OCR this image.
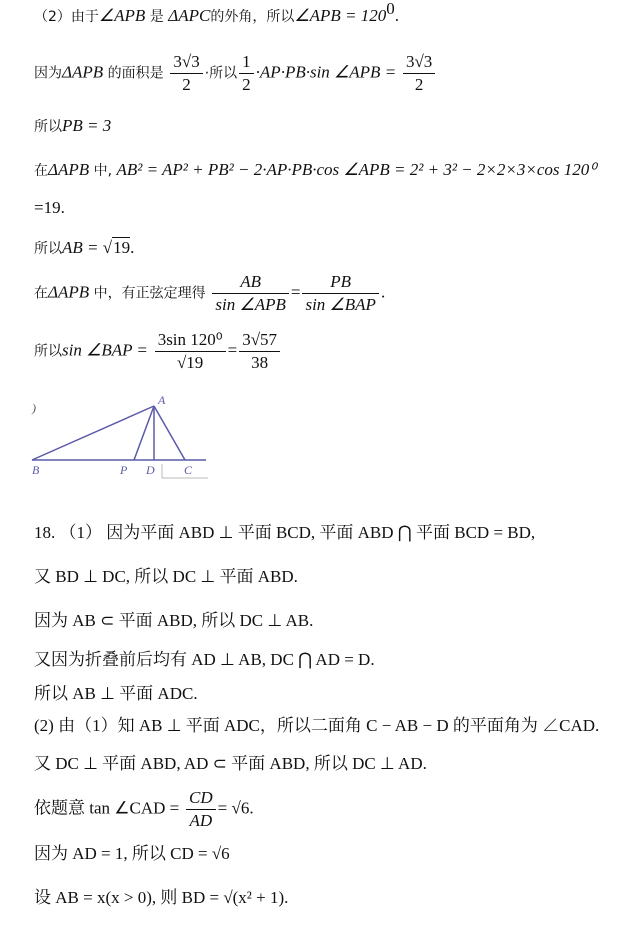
（2）由于∠APB 是 ΔAPC的外角，所以∠APB = $120^0$.
因为ΔAPB 的面积是 $\frac{3√3}{2}$ ·所以 $\frac{1}{2} \cdot AP\cdot PB\cdot\sin$ ∠APB = $\frac{3√3}{2}$
所以PB = 3
在ΔAPB 中, AB² = AP² + PB² − 2·AP·PB·cos ∠APB = 2² + 3² − 2×2×3×cos 120⁰
=19.
所以AB = √19.
在ΔAPB 中，有正弦定理得 $\frac{AB}{\text{sin ∠APB}} = \frac{PB}{\text{sin ∠BAP}}$ .
所以sin ∠BAP = $\frac{\text{3sin 120⁰}}{√19} = \frac{3√57}{38}$
)
A
B	P D C
18. （1） 因为平面 ABD ⊥ 平面 BCD, 平面 ABD ⋂ 平面 BCD = BD,
又 BD ⊥ DC, 所以 DC ⊥ 平面 ABD.
因为 AB ⊂ 平面 ABD, 所以 DC ⊥ AB.
又因为折叠前后均有 AD ⊥ AB, DC ⋂ AD = D.
所以 AB ⊥ 平面 ADC.
(2) 由（1）知 AB ⊥ 平面 ADC，所以二面角 C − AB − D 的平面角为 ∠CAD.
又 DC ⊥ 平面 ABD, AD ⊂ 平面 ABD, 所以 DC ⊥ AD.
依题意 tan ∠CAD = $\frac{CD}{AD} = √6$.
因为 AD = 1, 所以 CD = √6
设 AB = x(x > 0), 则 BD = √(x² + 1).
